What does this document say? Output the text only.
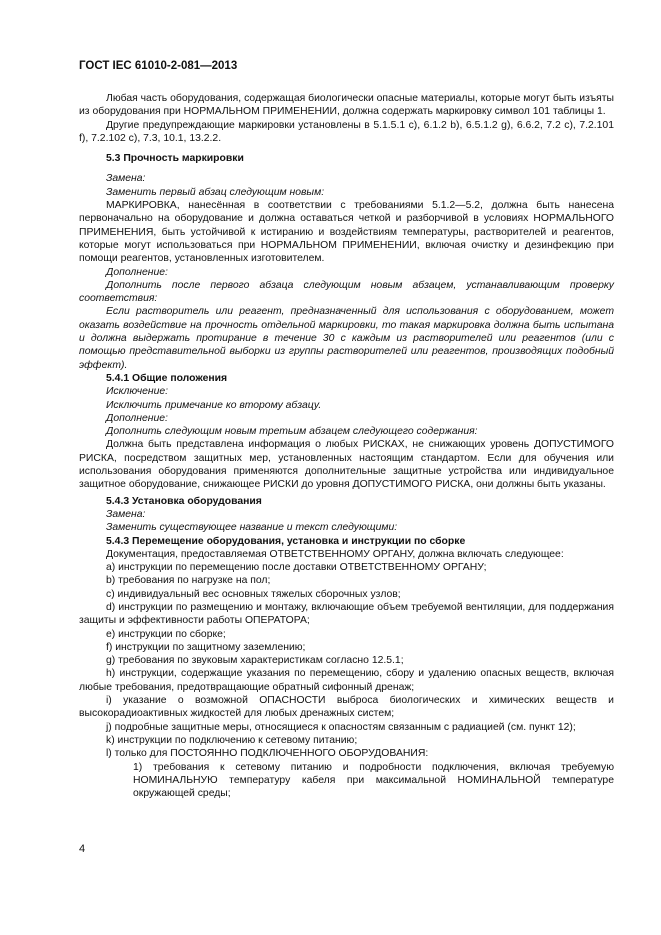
ГОСТ IEC 61010-2-081—2013

Любая часть оборудования, содержащая биологически опасные материалы, которые могут быть изъяты из оборудования при НОРМАЛЬНОМ ПРИМЕНЕНИИ, должна содержать маркировку символ 101 таблицы 1.

Другие предупреждающие маркировки установлены в 5.1.5.1 с), 6.1.2 b), 6.5.1.2 g), 6.6.2, 7.2 с), 7.2.101 f), 7.2.102 с), 7.3, 10.1, 13.2.2.

5.3 Прочность маркировки

Замена:

Заменить первый абзац следующим новым:

МАРКИРОВКА, нанесённая в соответствии с требованиями 5.1.2—5.2, должна быть нанесена первоначально на оборудование и должна оставаться четкой и разборчивой в условиях НОРМАЛЬНОГО ПРИМЕНЕНИЯ, быть устойчивой к истиранию и воздействиям температуры, растворителей и реагентов, которые могут использоваться при НОРМАЛЬНОМ ПРИМЕНЕНИИ, включая очистку и дезинфекцию при помощи реагентов, установленных изготовителем.

Дополнение:

Дополнить после первого абзаца следующим новым абзацем, устанавливающим проверку соответствия:

Если растворитель или реагент, предназначенный для использования с оборудованием, может оказать воздействие на прочность отдельной маркировки, то такая маркировка должна быть испытана и должна выдержать протирание в течение 30 с каждым из растворителей или реагентов (или с помощью представительной выборки из группы растворителей или реагентов, производящих подобный эффект).

5.4.1 Общие положения

Исключение:

Исключить примечание ко второму абзацу.

Дополнение:

Дополнить следующим новым третьим абзацем следующего содержания:

Должна быть представлена информация о любых РИСКАХ, не снижающих уровень ДОПУСТИМОГО РИСКА, посредством защитных мер, установленных настоящим стандартом. Если для обучения или использования оборудования применяются дополнительные защитные устройства или индивидуальное защитное оборудование, снижающее РИСКИ до уровня ДОПУСТИМОГО РИСКА, они должны быть указаны.

5.4.3 Установка оборудования

Замена:

Заменить существующее название и текст следующими:

5.4.3 Перемещение оборудования, установка и инструкции по сборке

Документация, предоставляемая ОТВЕТСТВЕННОМУ ОРГАНУ, должна включать следующее:

a) инструкции по перемещению после доставки ОТВЕТСТВЕННОМУ ОРГАНУ;

b) требования по нагрузке на пол;

c) индивидуальный вес основных тяжелых сборочных узлов;

d) инструкции по размещению и монтажу, включающие объем требуемой вентиляции, для поддержания защиты и эффективности работы ОПЕРАТОРА;

e) инструкции по сборке;

f) инструкции по защитному заземлению;

g) требования по звуковым характеристикам согласно 12.5.1;

h) инструкции, содержащие указания по перемещению, сбору и удалению опасных веществ, включая любые требования, предотвращающие обратный сифонный дренаж;

i) указание о возможной ОПАСНОСТИ выброса биологических и химических веществ и высокорадиоактивных жидкостей для любых дренажных систем;

j) подробные защитные меры, относящиеся к опасностям связанным с радиацией (см. пункт 12);

k) инструкции по подключению к сетевому питанию;

l) только для ПОСТОЯННО ПОДКЛЮЧЕННОГО ОБОРУДОВАНИЯ:

1) требования к сетевому питанию и подробности подключения, включая требуемую НОМИНАЛЬНУЮ температуру кабеля при максимальной НОМИНАЛЬНОЙ температуре окружающей среды;

4
